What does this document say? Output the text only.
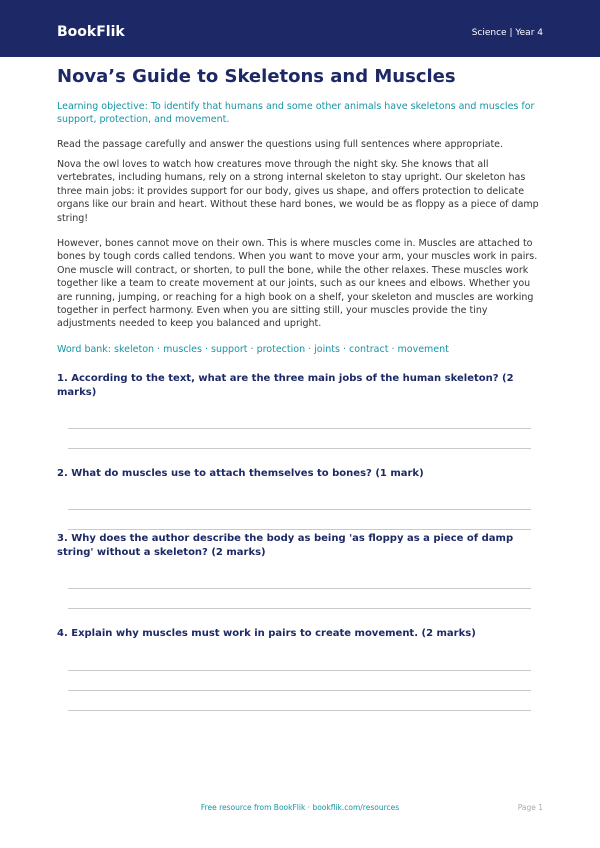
BookFlik	Science | Year 4
Nova’s Guide to Skeletons and Muscles
Learning objective: To identify that humans and some other animals have skeletons and muscles for support, protection, and movement.
Read the passage carefully and answer the questions using full sentences where appropriate.
Nova the owl loves to watch how creatures move through the night sky. She knows that all vertebrates, including humans, rely on a strong internal skeleton to stay upright. Our skeleton has three main jobs: it provides support for our body, gives us shape, and offers protection to delicate organs like our brain and heart. Without these hard bones, we would be as floppy as a piece of damp string!
However, bones cannot move on their own. This is where muscles come in. Muscles are attached to bones by tough cords called tendons. When you want to move your arm, your muscles work in pairs. One muscle will contract, or shorten, to pull the bone, while the other relaxes. These muscles work together like a team to create movement at our joints, such as our knees and elbows. Whether you are running, jumping, or reaching for a high book on a shelf, your skeleton and muscles are working together in perfect harmony. Even when you are sitting still, your muscles provide the tiny adjustments needed to keep you balanced and upright.
Word bank: skeleton · muscles · support · protection · joints · contract · movement
1. According to the text, what are the three main jobs of the human skeleton? (2 marks)
2. What do muscles use to attach themselves to bones? (1 mark)
3. Why does the author describe the body as being 'as floppy as a piece of damp string' without a skeleton? (2 marks)
4. Explain why muscles must work in pairs to create movement. (2 marks)
Free resource from BookFlik · bookflik.com/resources	Page 1
